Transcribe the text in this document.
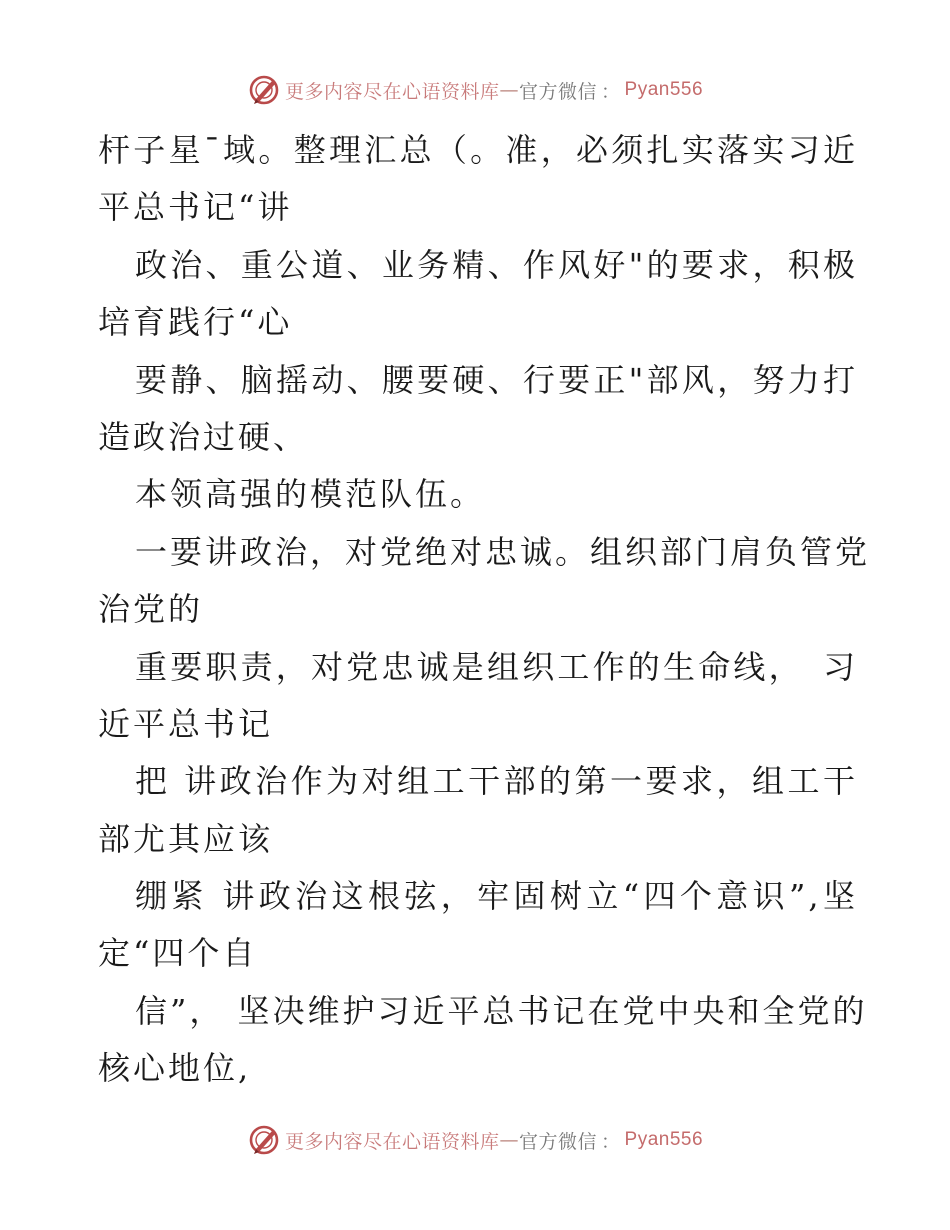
更多内容尽在心语资料库 — 官方微信 ： Pyan556
杆子星¯域。整理汇总（。准，必须扎实落实习近
平总书记“讲
政治、重公道、业务精、作风好"的要求，积极
培育践行“心
要静、脑摇动、腰要硬、行要正"部风，努力打
造政治过硬、
本领高强的模范队伍。
一要讲政治，对党绝对忠诚。组织部门肩负管党
治党的
重要职责，对党忠诚是组织工作的生命线，　习
近平总书记
把 讲政治作为对组工干部的第一要求，组工干
部尤其应该
绷紧 讲政治这根弦，牢固树立“四个意识”,坚
定“四个自
信”， 坚决维护习近平总书记在党中央和全党的
核心地位,
更多内容尽在心语资料库 — 官方微信 ： Pyan556
